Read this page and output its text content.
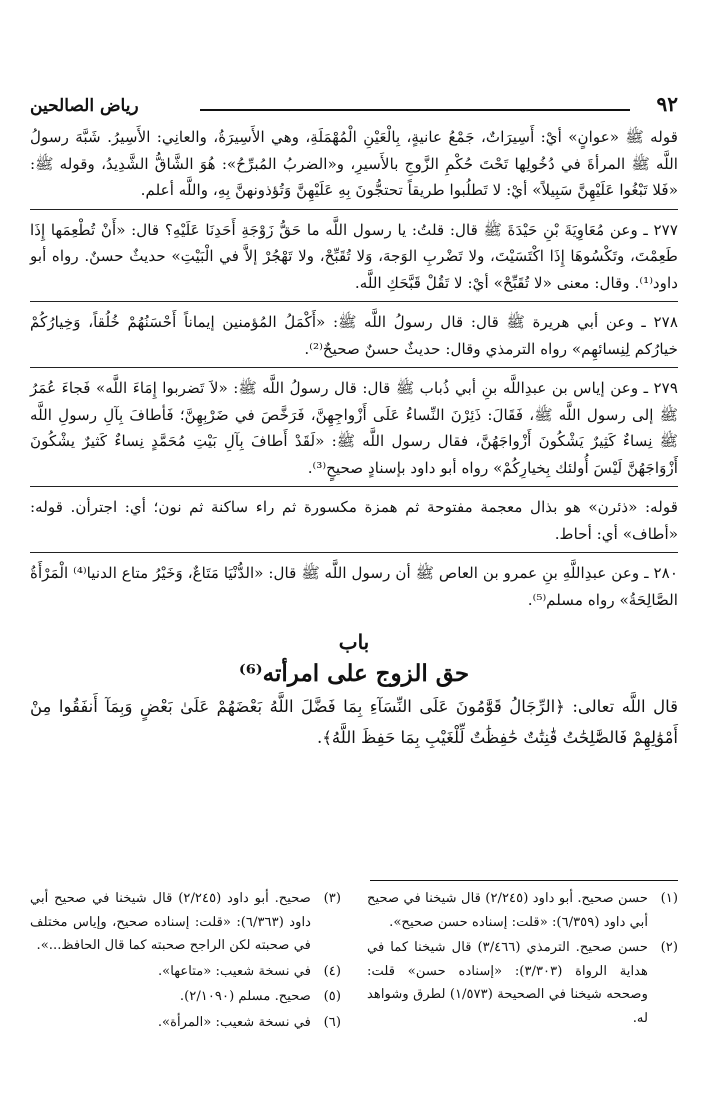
٩٢
رياض الصالحين

قوله ﷺ «عوانٍ» أيْ: أَسِيرَاتٌ، جَمْعُ عانيةٍ، بِالْعَيْنِ الْمُهْمَلَةِ، وهي الأَسِيرَةُ، والعانِي: الأَسِيرُ. شَبَّهَ رسولُ اللَّه ﷺ المرأةَ في دُخُولِها تَحْتَ حُكْمِ الزَّوجِ بالأَسيرِ، و«الضربُ المُبرِّحُ»: هُوَ الشَّاقُّ الشَّدِيدُ، وقوله ﷺ: «فَلا تَبْغُوا عَلَيْهِنَّ سَبِيلاً» أيْ: لا تَطلُبوا طريقاً تحتجُّونَ بِهِ عَلَيْهِنَّ وَتُؤذونهنَّ بِهِ، واللَّه أعلم.

٢٧٧ ـ وعن مُعَاوِيَةَ بْنِ حَيْدَةَ ﷺ قال: قلتُ: يا رسول اللَّه ما حَقُّ زَوْجَةِ أَحَدِنَا عَلَيْهِ؟ قال: «أَنْ تُطْعِمَها إِذَا طَعِمْتَ، وتَكْسُوهَا إِذَا اكْتَسَيْتَ، ولا تَضْربِ الوَجهَ، وَلا تُقَبِّحْ، ولا تَهْجُرْ إلاَّ في الْبَيْتِ» حديثٌ حسنٌ. رواه أبو داود⁽¹⁾. وقال: معنى «لا تُقَبِّحْ» أيْ: لا تَقُلْ قَبَّحَكِ اللَّه.

٢٧٨ ـ وعن أبي هريرة ﷺ قال: قال رسولُ اللَّه ﷺ: «أَكْمَلُ المُؤمنين إيماناً أَحْسَنُهُمْ خُلُقاً، وَخِيارُكُمْ خيارُكم لِنِسائهِم» رواه الترمذي وقال: حديثٌ حسنٌ صحيحٌ⁽²⁾.

٢٧٩ ـ وعن إياس بن عبدِاللَّه بنِ أبي ذُباب ﷺ قال: قال رسولُ اللَّه ﷺ: «لاَ تَضربوا إِمَاءَ اللَّه» فَجاءَ عُمَرُ ﷺ إلى رسول اللَّه ﷺ، فَقَالَ: ذَئِرْنَ النِّساءُ عَلَى أَزْواجِهِنَّ، فَرَخَّصَ في ضَرْبِهِنَّ؛ فَأطافَ بِآلِ رسولِ اللَّه ﷺ نِساءٌ كَثِيرٌ يَشْكُونَ أَزْواجَهُنَّ، فقال رسول اللَّه ﷺ: «لَقَدْ أَطافَ بِآلِ بَيْتِ مُحَمَّدٍ نِساءٌ كَثيرٌ يشْكُونَ أَزْوَاجَهُنَّ لَيْسَ أُولئك بِخيارِكُمْ» رواه أبو داود بإسنادٍ صحيحٍ⁽³⁾.

قوله: «ذئرن» هو بذال معجمة مفتوحة ثم همزة مكسورة ثم راء ساكنة ثم نون؛ أي: اجترأن. قوله: «أطاف» أي: أحاط.

٢٨٠ ـ وعن عبدِاللَّهِ بنِ عمرو بن العاص ﷺ أن رسول اللَّه ﷺ قال: «الدُّنْيَا مَتَاعٌ، وَخَيْرُ متاع الدنيا⁽⁴⁾ الْمَرْأَةُ الصَّالِحَةُ» رواه مسلم⁽⁵⁾.

باب
حق الزوج على امرأته⁽⁶⁾

قال اللَّه تعالى: ﴿الرِّجَالُ قَوَّٰمُونَ عَلَى النِّسَآءِ بِمَا فَضَّلَ اللَّهُ بَعْضَهُمْ عَلَىٰ بَعْضٍ وَبِمَآ أَنفَقُوا مِنْ أَمْوَٰلِهِمْ فَالصَّٰلِحَٰتُ قَٰنِتَٰتٌ حَٰفِظَٰتٌ لِّلْغَيْبِ بِمَا حَفِظَ اللَّهُ﴾.

(١)
حسن صحيح. أبو داود (٢/٢٤٥) قال شيخنا في صحيح أبي داود (٦/٣٥٩): «قلت: إسناده حسن صحيح».
(٢)
حسن صحيح. الترمذي (٣/٤٦٦) قال شيخنا كما في هداية الرواة (٣/٣٠٣): «إسناده حسن» قلت: وصححه شيخنا في الصحيحة (١/٥٧٣) لطرق وشواهد له.
(٣)
صحيح. أبو داود (٢/٢٤٥) قال شيخنا في صحيح أبي داود (٦/٣٦٣): «قلت: إسناده صحيح، وإياس مختلف في صحبته لكن الراجح صحبته كما قال الحافظ...».
(٤)
في نسخة شعيب: «متاعها».
(٥)
صحيح. مسلم (٢/١٠٩٠).
(٦)
في نسخة شعيب: «المرأة».
